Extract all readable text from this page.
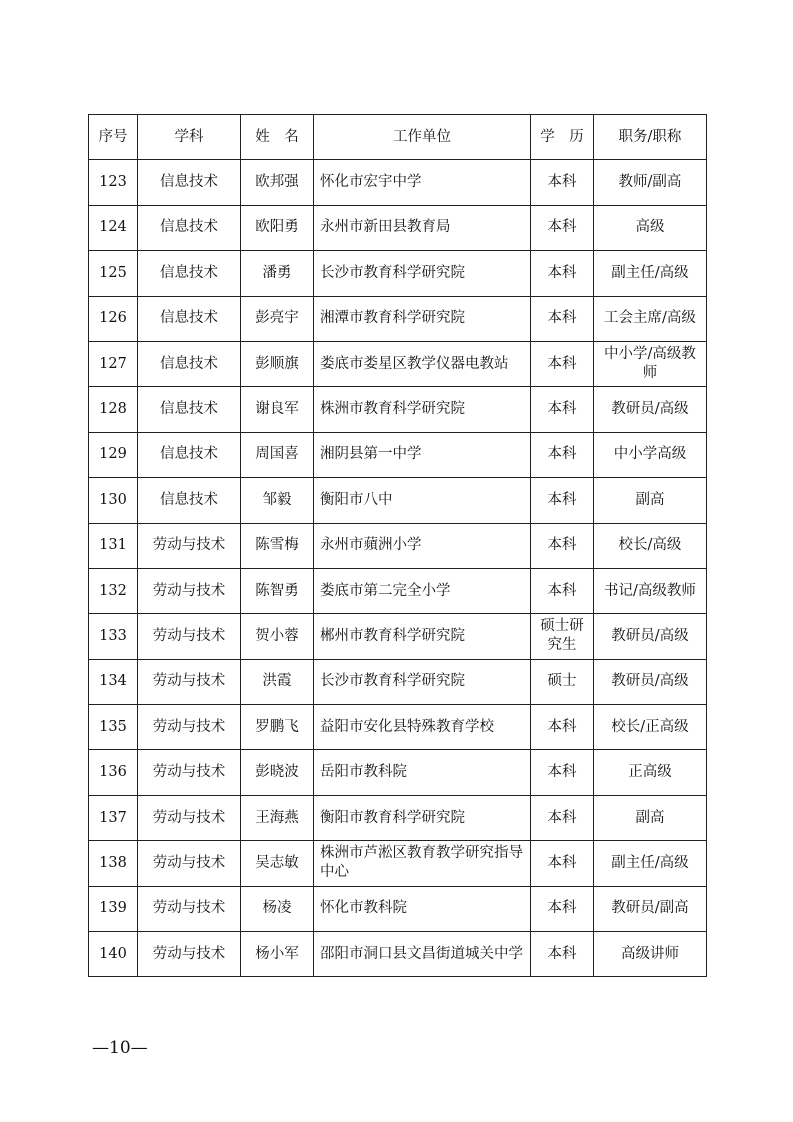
序号	学科	姓　名	工作单位	学　历	职务/职称
123	信息技术	欧邦强	怀化市宏宇中学	本科	教师/副高
124	信息技术	欧阳勇	永州市新田县教育局	本科	高级
125	信息技术	潘勇	长沙市教育科学研究院	本科	副主任/高级
126	信息技术	彭亮宇	湘潭市教育科学研究院	本科	工会主席/高级
127	信息技术	彭顺旗	娄底市娄星区教学仪器电教站	本科	中小学/高级教师
128	信息技术	谢良军	株洲市教育科学研究院	本科	教研员/高级
129	信息技术	周国喜	湘阴县第一中学	本科	中小学高级
130	信息技术	邹毅	衡阳市八中	本科	副高
131	劳动与技术	陈雪梅	永州市蘋洲小学	本科	校长/高级
132	劳动与技术	陈智勇	娄底市第二完全小学	本科	书记/高级教师
133	劳动与技术	贺小蓉	郴州市教育科学研究院	硕士研究生	教研员/高级
134	劳动与技术	洪霞	长沙市教育科学研究院	硕士	教研员/高级
135	劳动与技术	罗鹏飞	益阳市安化县特殊教育学校	本科	校长/正高级
136	劳动与技术	彭晓波	岳阳市教科院	本科	正高级
137	劳动与技术	王海燕	衡阳市教育科学研究院	本科	副高
138	劳动与技术	吴志敏	株洲市芦淞区教育教学研究指导中心	本科	副主任/高级
139	劳动与技术	杨凌	怀化市教科院	本科	教研员/副高
140	劳动与技术	杨小军	邵阳市洞口县文昌街道城关中学	本科	高级讲师
—10—
